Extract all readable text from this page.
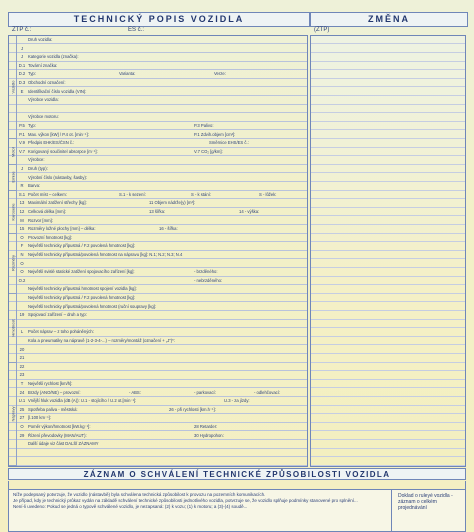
TECHNICKÝ POPIS VOZIDLA	ZMĚNA
ZTP č.:	ES č.:	(ZTP)
Druh vozidla:
J
J	Kategorie vozidla (značka):
D.1 Tovární značka:
D.2 Typ:	Varianta:	Verze:
D.3 Obchodní označení:
E	Identifikační číslo vozidla (VIN):
Výrobce vozidla:
Výrobce motoru:
P.5 Typ:	P.3 Palivo:
P.1 Max. výkon [kW] / P.4 ot. [min⁻¹]:	P.1 Zdvih.objem [cm³]:
V.9 Předpis EHK/ES/ČSN č.:	Směrnice EHS/ES č.:
V.7 Korigovaný součinitel absorpce [m⁻¹]:	V.7 CO₂ [g/km]:
Výrobce:
J	Druh (typ):
Výrobní číslo (nástavby, šasby):
R	Barva:
S.1 Počet míst – celkem:	S.1 - k sezení:	S - k stání:	S - lůžek:
13 Maximální zatížení střechy [kg]:	11 Objem nádrže(y) [m³]:
12 Celková délka [mm]:	13 šířka:	14 - výška:
M	Rozvor [mm]:
15 Rozměry ložné plochy [mm] – délka:	16 - šířka:
O	Provozní hmotnost [kg]:
F	Největší technicky přípustná / F.2 povolená hmotnost [kg]:
N	Největší technicky přípustná/povolená hmotnost na nápravu [kg]: N.1; N.2; N.3; N.4
O
O	Největší svislé statické zatížení spojovacího zařízení [kg]:	- brzděného:
O.2	- nebrzděného:
Největší technicky přípustná hmotnost spojení vozidla [kg]:
Největší technicky přípustná / F.2 povolená hmotnost [kg]:
Největší technicky přípustná/povolená hmotnost (ruční soupravy [kg]:
19 Spojovací zařízení – druh a typ:
L	Počet náprav – z toho poháněných:
Kola a pneumatiky na nápravě (1-2-3-4-...) – rozměry/montáž (označení + „J“)*:
20
21
22
23
T	Největší rychlost [km/h]:
24 Brzdy (ANO/NE) – provozní:	- ABS:	- parkovací:	- odlehčovací:
U.1 Vnější hluk vozidla (dB (A)): U.1 - stojícího / U.2 ot.[min⁻¹]:	U.3 - za jízdy:
25 Spotřeba paliva - městská:	26 - při rychlosti [km.h⁻¹]:
27 [l.100 km⁻¹]:
O	Poměr výkon/hmotnost [kW.kg⁻¹]:	28 Retarder:
29 Řízení převodovky (MAN/AUT):	30 Hydropohon:
Další údaje viz část DALŠÍ ZÁZNAMY
Vozidlo
Motor
Emise
Karoserie
Rozměry
Hmotnost
Nápravy
ZÁZNAM O SCHVÁLENÍ TECHNICKÉ ZPŮSOBILOSTI VOZIDLA
Níže podepsaný potvrzuje, že vozidlo (nástavbě) byla schválena technická způsobilost k provozu na pozemních komunikacích.
Je případ, kdy je technický průkaz vydán na základě schválení technické způsobilosti jednotlivého vozidla, potvrzuje se, že vozidlo splňuje podmínky stanovené pro splnění...
Není-li uvedeno: Pokud se jedná o typově schválené vozidlo, je nezapsaná: (2) k vozu; (1) k motoru; a (3)-(4) soudě...
Doklad o ruleyé vozidla - záznam o celkém projednávání
